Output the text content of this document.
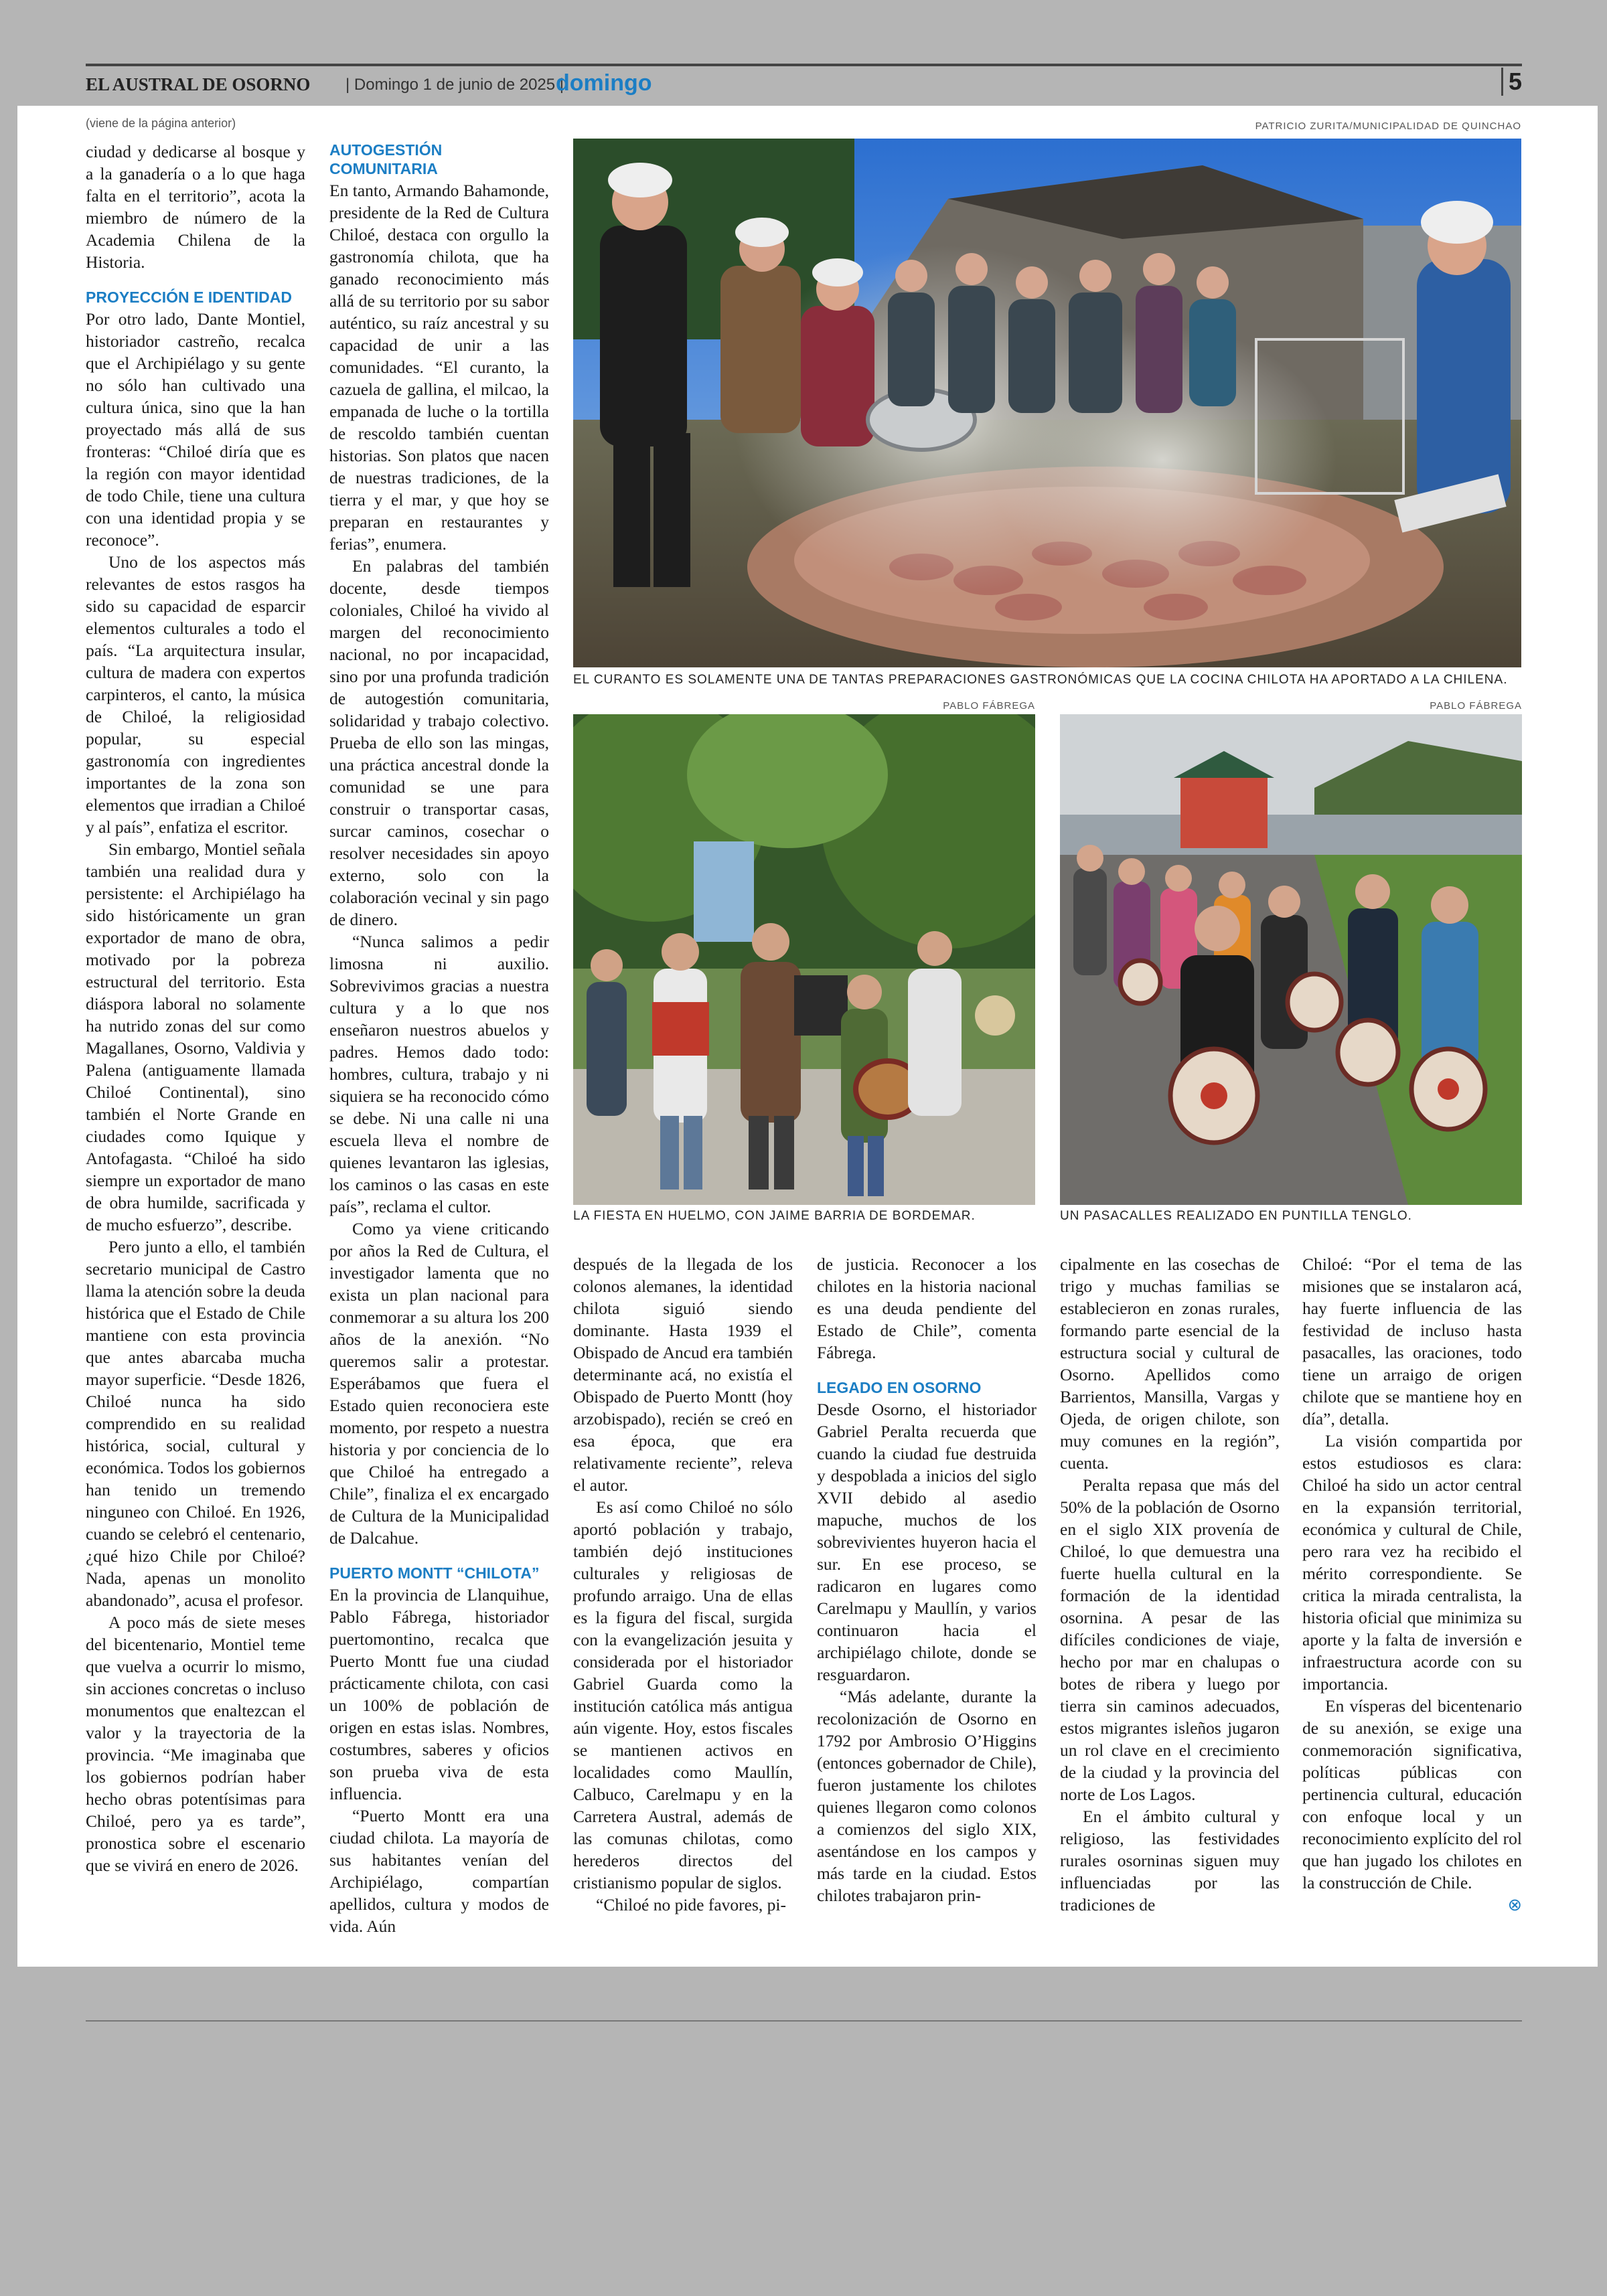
EL AUSTRAL DE OSORNO | Domingo 1 de junio de 2025 |
domingo	5
(viene de la página anterior)	PATRICIO ZURITA/MUNICIPALIDAD DE QUINCHAO
EL CURANTO ES SOLAMENTE UNA DE TANTAS PREPARACIONES GASTRONÓMICAS QUE LA COCINA CHILOTA HA APORTADO A LA CHILENA.
PABLO FÁBREGA	PABLO FÁBREGA
LA FIESTA EN HUELMO, CON JAIME BARRIA DE BORDEMAR.	UN PASACALLES REALIZADO EN PUNTILLA TENGLO.

ciudad y dedicarse al bosque y a la ganadería o a lo que haga falta en el territorio”, acota la miembro de número de la Academia Chilena de la Historia.

PROYECCIÓN E IDENTIDAD

Por otro lado, Dante Montiel, historiador castreño, recalca que el Archipiélago y su gente no sólo han cultivado una cultura única, sino que la han proyectado más allá de sus fronteras: “Chiloé diría que es la región con mayor identidad de todo Chile, tiene una cultura con una identidad propia y se reconoce”.

Uno de los aspectos más relevantes de estos rasgos ha sido su capacidad de esparcir elementos culturales a todo el país. “La arquitectura insular, cultura de madera con expertos carpinteros, el canto, la música de Chiloé, la religiosidad popular, su especial gastronomía con ingredientes importantes de la zona son elementos que irradian a Chiloé y al país”, enfatiza el escritor.

Sin embargo, Montiel señala también una realidad dura y persistente: el Archipiélago ha sido históricamente un gran exportador de mano de obra, motivado por la pobreza estructural del territorio. Esta diáspora laboral no solamente ha nutrido zonas del sur como Magallanes, Osorno, Valdivia y Palena (antiguamente llamada Chiloé Continental), sino también el Norte Grande en ciudades como Iquique y Antofagasta. “Chiloé ha sido siempre un exportador de mano de obra humilde, sacrificada y de mucho esfuerzo”, describe.

Pero junto a ello, el también secretario municipal de Castro llama la atención sobre la deuda histórica que el Estado de Chile mantiene con esta provincia que antes abarcaba mucha mayor superficie. “Desde 1826, Chiloé nunca ha sido comprendido en su realidad histórica, social, cultural y económica. Todos los gobiernos han tenido un tremendo ninguneo con Chiloé. En 1926, cuando se celebró el centenario, ¿qué hizo Chile por Chiloé? Nada, apenas un monolito abandonado”, acusa el profesor.

A poco más de siete meses del bicentenario, Montiel teme que vuelva a ocurrir lo mismo, sin acciones concretas o incluso monumentos que enaltezcan el valor y la trayectoria de la provincia. “Me imaginaba que los gobiernos podrían haber hecho obras potentísimas para Chiloé, pero ya es tarde”, pronostica sobre el escenario que se vivirá en enero de 2026.

AUTOGESTIÓN COMUNITARIA

En tanto, Armando Bahamonde, presidente de la Red de Cultura Chiloé, destaca con orgullo la gastronomía chilota, que ha ganado reconocimiento más allá de su territorio por su sabor auténtico, su raíz ancestral y su capacidad de unir a las comunidades. “El curanto, la cazuela de gallina, el milcao, la empanada de luche o la tortilla de rescoldo también cuentan historias. Son platos que nacen de nuestras tradiciones, de la tierra y el mar, y que hoy se preparan en restaurantes y ferias”, enumera.

En palabras del también docente, desde tiempos coloniales, Chiloé ha vivido al margen del reconocimiento nacional, no por incapacidad, sino por una profunda tradición de autogestión comunitaria, solidaridad y trabajo colectivo. Prueba de ello son las mingas, una práctica ancestral donde la comunidad se une para construir o transportar casas, surcar caminos, cosechar o resolver necesidades sin apoyo externo, solo con la colaboración vecinal y sin pago de dinero.

“Nunca salimos a pedir limosna ni auxilio. Sobrevivimos gracias a nuestra cultura y a lo que nos enseñaron nuestros abuelos y padres. Hemos dado todo: hombres, cultura, trabajo y ni siquiera se ha reconocido cómo se debe. Ni una calle ni una escuela lleva el nombre de quienes levantaron las iglesias, los caminos o las casas en este país”, reclama el cultor.

Como ya viene criticando por años la Red de Cultura, el investigador lamenta que no exista un plan nacional para conmemorar a su altura los 200 años de la anexión. “No queremos salir a protestar. Esperábamos que fuera el Estado quien reconociera este momento, por respeto a nuestra historia y por conciencia de lo que Chiloé ha entregado a Chile”, finaliza el ex encargado de Cultura de la Municipalidad de Dalcahue.

PUERTO MONTT “CHILOTA”

En la provincia de Llanquihue, Pablo Fábrega, historiador puertomontino, recalca que Puerto Montt fue una ciudad prácticamente chilota, con casi un 100% de población de origen en estas islas. Nombres, costumbres, saberes y oficios son prueba viva de esta influencia.

“Puerto Montt era una ciudad chilota. La mayoría de sus habitantes venían del Archipiélago, compartían apellidos, cultura y modos de vida. Aún

después de la llegada de los colonos alemanes, la identidad chilota siguió siendo dominante. Hasta 1939 el Obispado de Ancud era también determinante acá, no existía el Obispado de Puerto Montt (hoy arzobispado), recién se creó en esa época, que era relativamente reciente”, releva el autor.

Es así como Chiloé no sólo aportó población y trabajo, también dejó instituciones culturales y religiosas de profundo arraigo. Una de ellas es la figura del fiscal, surgida con la evangelización jesuita y considerada por el historiador Gabriel Guarda como la institución católica más antigua aún vigente. Hoy, estos fiscales se mantienen activos en localidades como Maullín, Calbuco, Carelmapu y en la Carretera Austral, además de las comunas chilotas, como herederos directos del cristianismo popular de siglos.

“Chiloé no pide favores, pi-

de justicia. Reconocer a los chilotes en la historia nacional es una deuda pendiente del Estado de Chile”, comenta Fábrega.

LEGADO EN OSORNO

Desde Osorno, el historiador Gabriel Peralta recuerda que cuando la ciudad fue destruida y despoblada a inicios del siglo XVII debido al asedio mapuche, muchos de los sobrevivientes huyeron hacia el sur. En ese proceso, se radicaron en lugares como Carelmapu y Maullín, y varios continuaron hacia el archipiélago chilote, donde se resguardaron.

“Más adelante, durante la recolonización de Osorno en 1792 por Ambrosio O’Higgins (entonces gobernador de Chile), fueron justamente los chilotes quienes llegaron como colonos a comienzos del siglo XIX, asentándose en los campos y más tarde en la ciudad. Estos chilotes trabajaron prin-

cipalmente en las cosechas de trigo y muchas familias se establecieron en zonas rurales, formando parte esencial de la estructura social y cultural de Osorno. Apellidos como Barrientos, Mansilla, Vargas y Ojeda, de origen chilote, son muy comunes en la región”, cuenta.

Peralta repasa que más del 50% de la población de Osorno en el siglo XIX provenía de Chiloé, lo que demuestra una fuerte huella cultural en la formación de la identidad osornina. A pesar de las difíciles condiciones de viaje, hecho por mar en chalupas o botes de ribera y luego por tierra sin caminos adecuados, estos migrantes isleños jugaron un rol clave en el crecimiento de la ciudad y la provincia del norte de Los Lagos.

En el ámbito cultural y religioso, las festividades rurales osorninas siguen muy influenciadas por las tradiciones de

Chiloé: “Por el tema de las misiones que se instalaron acá, hay fuerte influencia de las festividad de incluso hasta pasacalles, las oraciones, todo tiene un arraigo de origen chilote que se mantiene hoy en día”, detalla.

La visión compartida por estos estudiosos es clara: Chiloé ha sido un actor central en la expansión territorial, económica y cultural de Chile, pero rara vez ha recibido el mérito correspondiente. Se critica la mirada centralista, la historia oficial que minimiza su aporte y la falta de inversión e infraestructura acorde con su importancia.

En vísperas del bicentenario de su anexión, se exige una conmemoración significativa, políticas públicas con pertinencia cultural, educación con enfoque local y un reconocimiento explícito del rol que han jugado los chilotes en la construcción de Chile.

⊗
